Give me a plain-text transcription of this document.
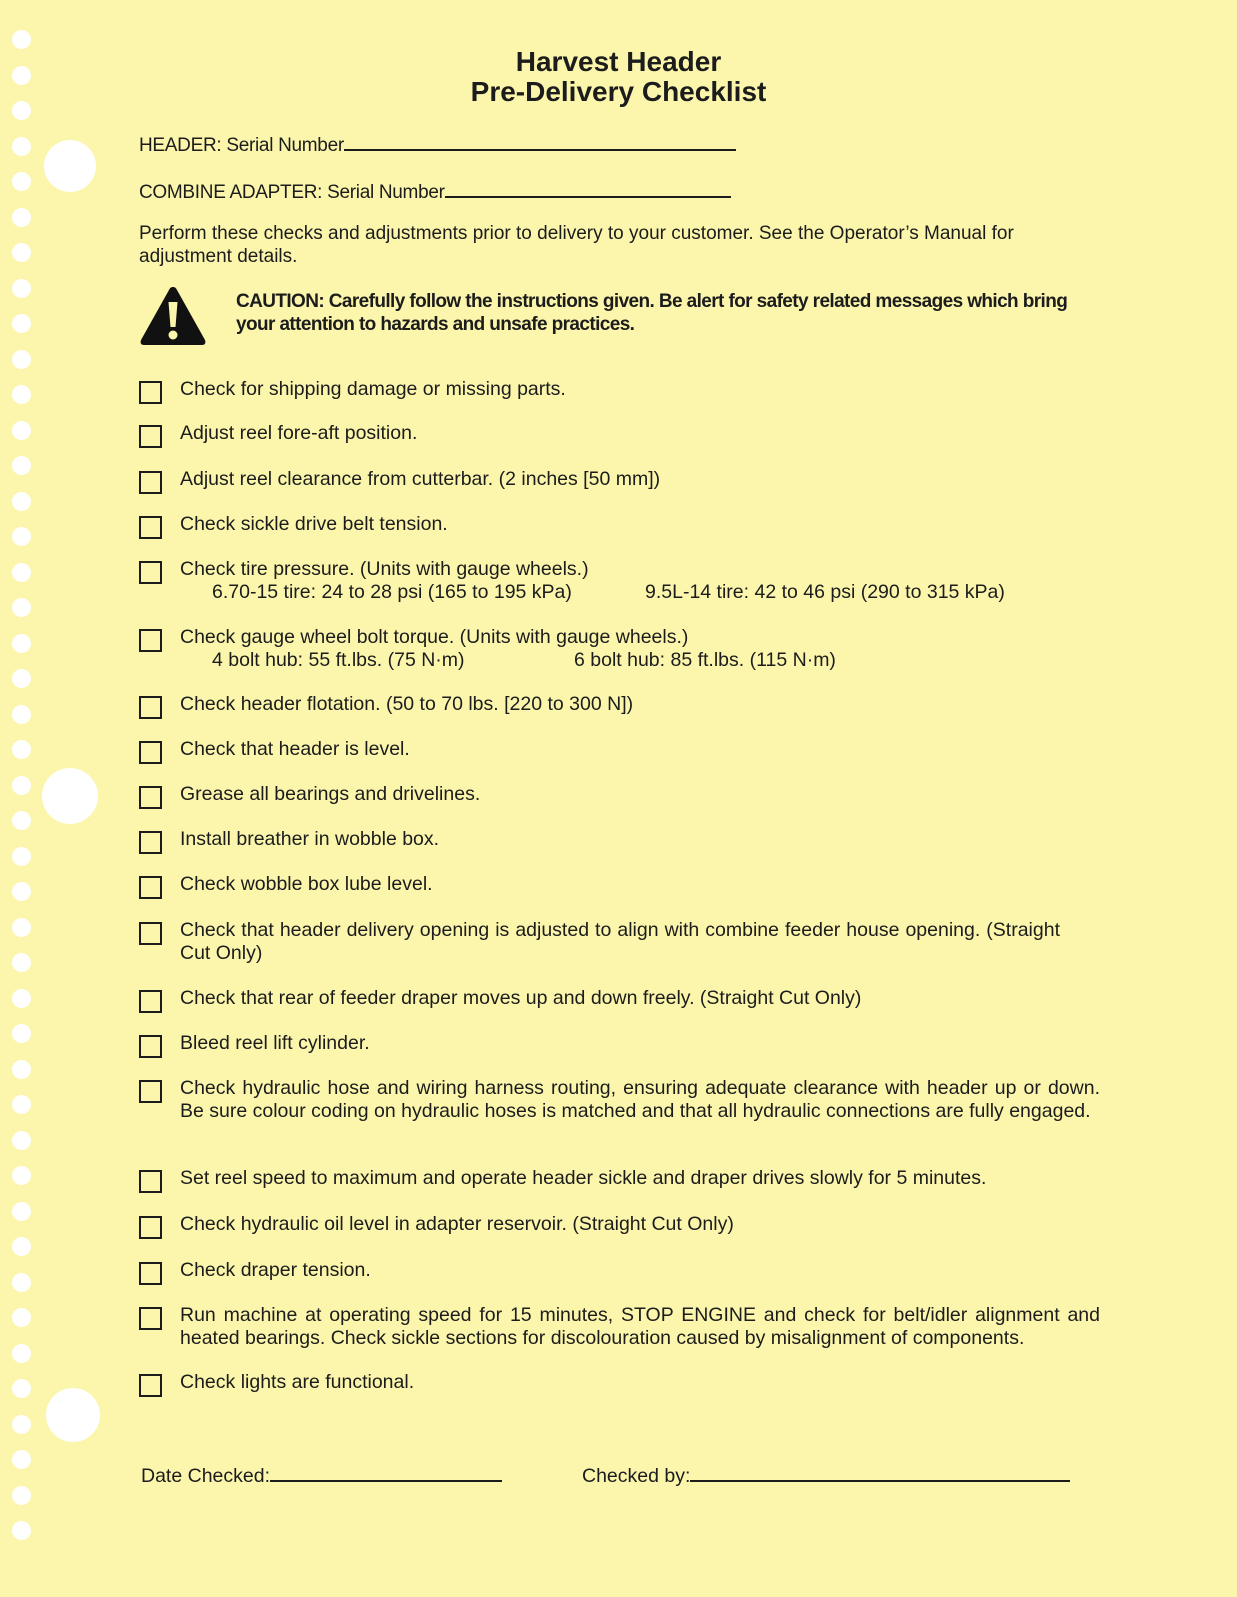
Harvest Header
Pre-Delivery Checklist
HEADER: Serial Number
COMBINE ADAPTER: Serial Number
Perform these checks and adjustments prior to delivery to your customer. See the Operator’s Manual for adjustment details.
CAUTION: Carefully follow the instructions given. Be alert for safety related messages which bring your attention to hazards and unsafe practices.
Check for shipping damage or missing parts.
Adjust reel fore-aft position.
Adjust reel clearance from cutterbar. (2 inches [50 mm])
Check sickle drive belt tension.
Check tire pressure. (Units with gauge wheels.)
6.70-15 tire: 24 to 28 psi (165 to 195 kPa)	9.5L-14 tire: 42 to 46 psi (290 to 315 kPa)
Check gauge wheel bolt torque. (Units with gauge wheels.)
4 bolt hub: 55 ft.lbs. (75 N·m)	6 bolt hub: 85 ft.lbs. (115 N·m)
Check header flotation. (50 to 70 lbs. [220 to 300 N])
Check that header is level.
Grease all bearings and drivelines.
Install breather in wobble box.
Check wobble box lube level.
Check that header delivery opening is adjusted to align with combine feeder house opening. (Straight Cut Only)
Check that rear of feeder draper moves up and down freely. (Straight Cut Only)
Bleed reel lift cylinder.
Check hydraulic hose and wiring harness routing, ensuring adequate clearance with header up or down. Be sure colour coding on hydraulic hoses is matched and that all hydraulic connections are fully engaged.
Set reel speed to maximum and operate header sickle and draper drives slowly for 5 minutes.
Check hydraulic oil level in adapter reservoir. (Straight Cut Only)
Check draper tension.
Run machine at operating speed for 15 minutes, STOP ENGINE and check for belt/idler alignment and heated bearings. Check sickle sections for discolouration caused by misalignment of components.
Check lights are functional.
Date Checked:	Checked by:
